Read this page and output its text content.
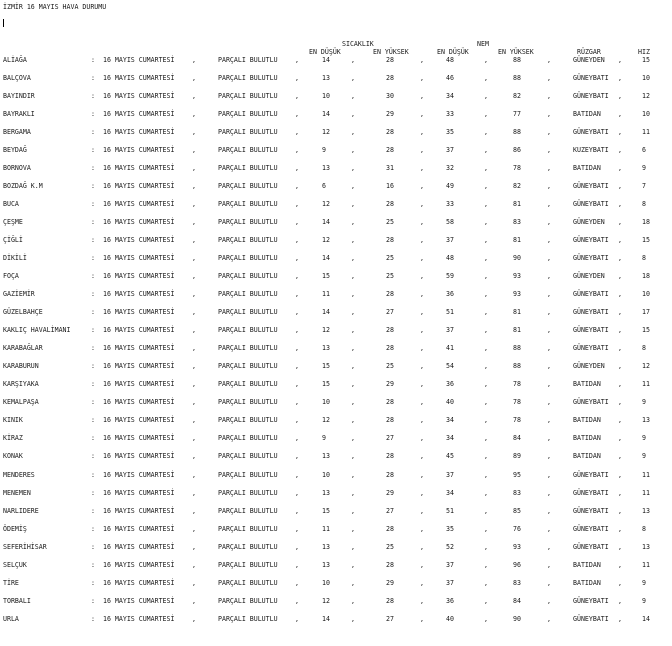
İZMİR 16 MAYIS HAVA DURUMU
SICAKLIK	NEM
EN DÜŞÜK	EN YÜKSEK	EN DÜŞÜK	EN YÜKSEK	RÜZGAR	HIZ
ALİAĞA	: 16 MAYIS CUMARTESİ	,	PARÇALI BULUTLU	,	14	,	28	,	48	,	88	,	GÜNEYDEN ,	15
BALÇOVA	: 16 MAYIS CUMARTESİ	,	PARÇALI BULUTLU	,	13	,	28	,	46	,	88	,	GÜNEYBATI ,	10
BAYINDIR	: 16 MAYIS CUMARTESİ	,	PARÇALI BULUTLU	,	10	,	30	,	34	,	82	,	GÜNEYBATI ,	12
BAYRAKLI	: 16 MAYIS CUMARTESİ	,	PARÇALI BULUTLU	,	14	,	29	,	33	,	77	,	BATIDAN	,	10
BERGAMA	: 16 MAYIS CUMARTESİ	,	PARÇALI BULUTLU	,	12	,	28	,	35	,	88	,	GÜNEYBATI ,	11
BEYDAĞ	: 16 MAYIS CUMARTESİ	,	PARÇALI BULUTLU	,	9	,	28	,	37	,	86	,	KUZEYBATI ,	6
BORNOVA	: 16 MAYIS CUMARTESİ	,	PARÇALI BULUTLU	,	13	,	31	,	32	,	78	,	BATIDAN	,	9
BOZDAĞ K.M	: 16 MAYIS CUMARTESİ	,	PARÇALI BULUTLU	,	6	,	16	,	49	,	82	,	GÜNEYBATI ,	7
BUCA	: 16 MAYIS CUMARTESİ	,	PARÇALI BULUTLU	,	12	,	28	,	33	,	81	,	GÜNEYBATI ,	8
ÇEŞME	: 16 MAYIS CUMARTESİ	,	PARÇALI BULUTLU	,	14	,	25	,	58	,	83	,	GÜNEYDEN ,	18
ÇİĞLİ	: 16 MAYIS CUMARTESİ	,	PARÇALI BULUTLU	,	12	,	28	,	37	,	81	,	GÜNEYBATI ,	15
DİKİLİ	: 16 MAYIS CUMARTESİ	,	PARÇALI BULUTLU	,	14	,	25	,	48	,	90	,	GÜNEYBATI ,	8
FOÇA	: 16 MAYIS CUMARTESİ	,	PARÇALI BULUTLU	,	15	,	25	,	59	,	93	,	GÜNEYDEN ,	18
GAZİEMİR	: 16 MAYIS CUMARTESİ	,	PARÇALI BULUTLU	,	11	,	28	,	36	,	93	,	GÜNEYBATI ,	10
GÜZELBAHÇE	: 16 MAYIS CUMARTESİ	,	PARÇALI BULUTLU	,	14	,	27	,	51	,	81	,	GÜNEYBATI ,	17
KAKLIÇ HAVALİMANI	: 16 MAYIS CUMARTESİ	,	PARÇALI BULUTLU	,	12	,	28	,	37	,	81	,	GÜNEYBATI ,	15
KARABAĞLAR	: 16 MAYIS CUMARTESİ	,	PARÇALI BULUTLU	,	13	,	28	,	41	,	88	,	GÜNEYBATI ,	8
KARABURUN	: 16 MAYIS CUMARTESİ	,	PARÇALI BULUTLU	,	15	,	25	,	54	,	88	,	GÜNEYDEN ,	12
KARŞIYAKA	: 16 MAYIS CUMARTESİ	,	PARÇALI BULUTLU	,	15	,	29	,	36	,	78	,	BATIDAN	,	11
KEMALPAŞA	: 16 MAYIS CUMARTESİ	,	PARÇALI BULUTLU	,	10	,	28	,	40	,	78	,	GÜNEYBATI ,	9
KINIK	: 16 MAYIS CUMARTESİ	,	PARÇALI BULUTLU	,	12	,	28	,	34	,	78	,	BATIDAN	,	13
KİRAZ	: 16 MAYIS CUMARTESİ	,	PARÇALI BULUTLU	,	9	,	27	,	34	,	84	,	BATIDAN	,	9
KONAK	: 16 MAYIS CUMARTESİ	,	PARÇALI BULUTLU	,	13	,	28	,	45	,	89	,	BATIDAN	,	9
MENDERES	: 16 MAYIS CUMARTESİ	,	PARÇALI BULUTLU	,	10	,	28	,	37	,	95	,	GÜNEYBATI ,	11
MENEMEN	: 16 MAYIS CUMARTESİ	,	PARÇALI BULUTLU	,	13	,	29	,	34	,	83	,	GÜNEYBATI ,	11
NARLIDERE	: 16 MAYIS CUMARTESİ	,	PARÇALI BULUTLU	,	15	,	27	,	51	,	85	,	GÜNEYBATI ,	13
ÖDEMİŞ	: 16 MAYIS CUMARTESİ	,	PARÇALI BULUTLU	,	11	,	28	,	35	,	76	,	GÜNEYBATI ,	8
SEFERİHİSAR	: 16 MAYIS CUMARTESİ	,	PARÇALI BULUTLU	,	13	,	25	,	52	,	93	,	GÜNEYBATI ,	13
SELÇUK	: 16 MAYIS CUMARTESİ	,	PARÇALI BULUTLU	,	13	,	28	,	37	,	96	,	BATIDAN	,	11
TİRE	: 16 MAYIS CUMARTESİ	,	PARÇALI BULUTLU	,	10	,	29	,	37	,	83	,	BATIDAN	,	9
TORBALI	: 16 MAYIS CUMARTESİ	,	PARÇALI BULUTLU	,	12	,	28	,	36	,	84	,	GÜNEYBATI ,	9
URLA	: 16 MAYIS CUMARTESİ	,	PARÇALI BULUTLU	,	14	,	27	,	40	,	90	,	GÜNEYBATI ,	14
